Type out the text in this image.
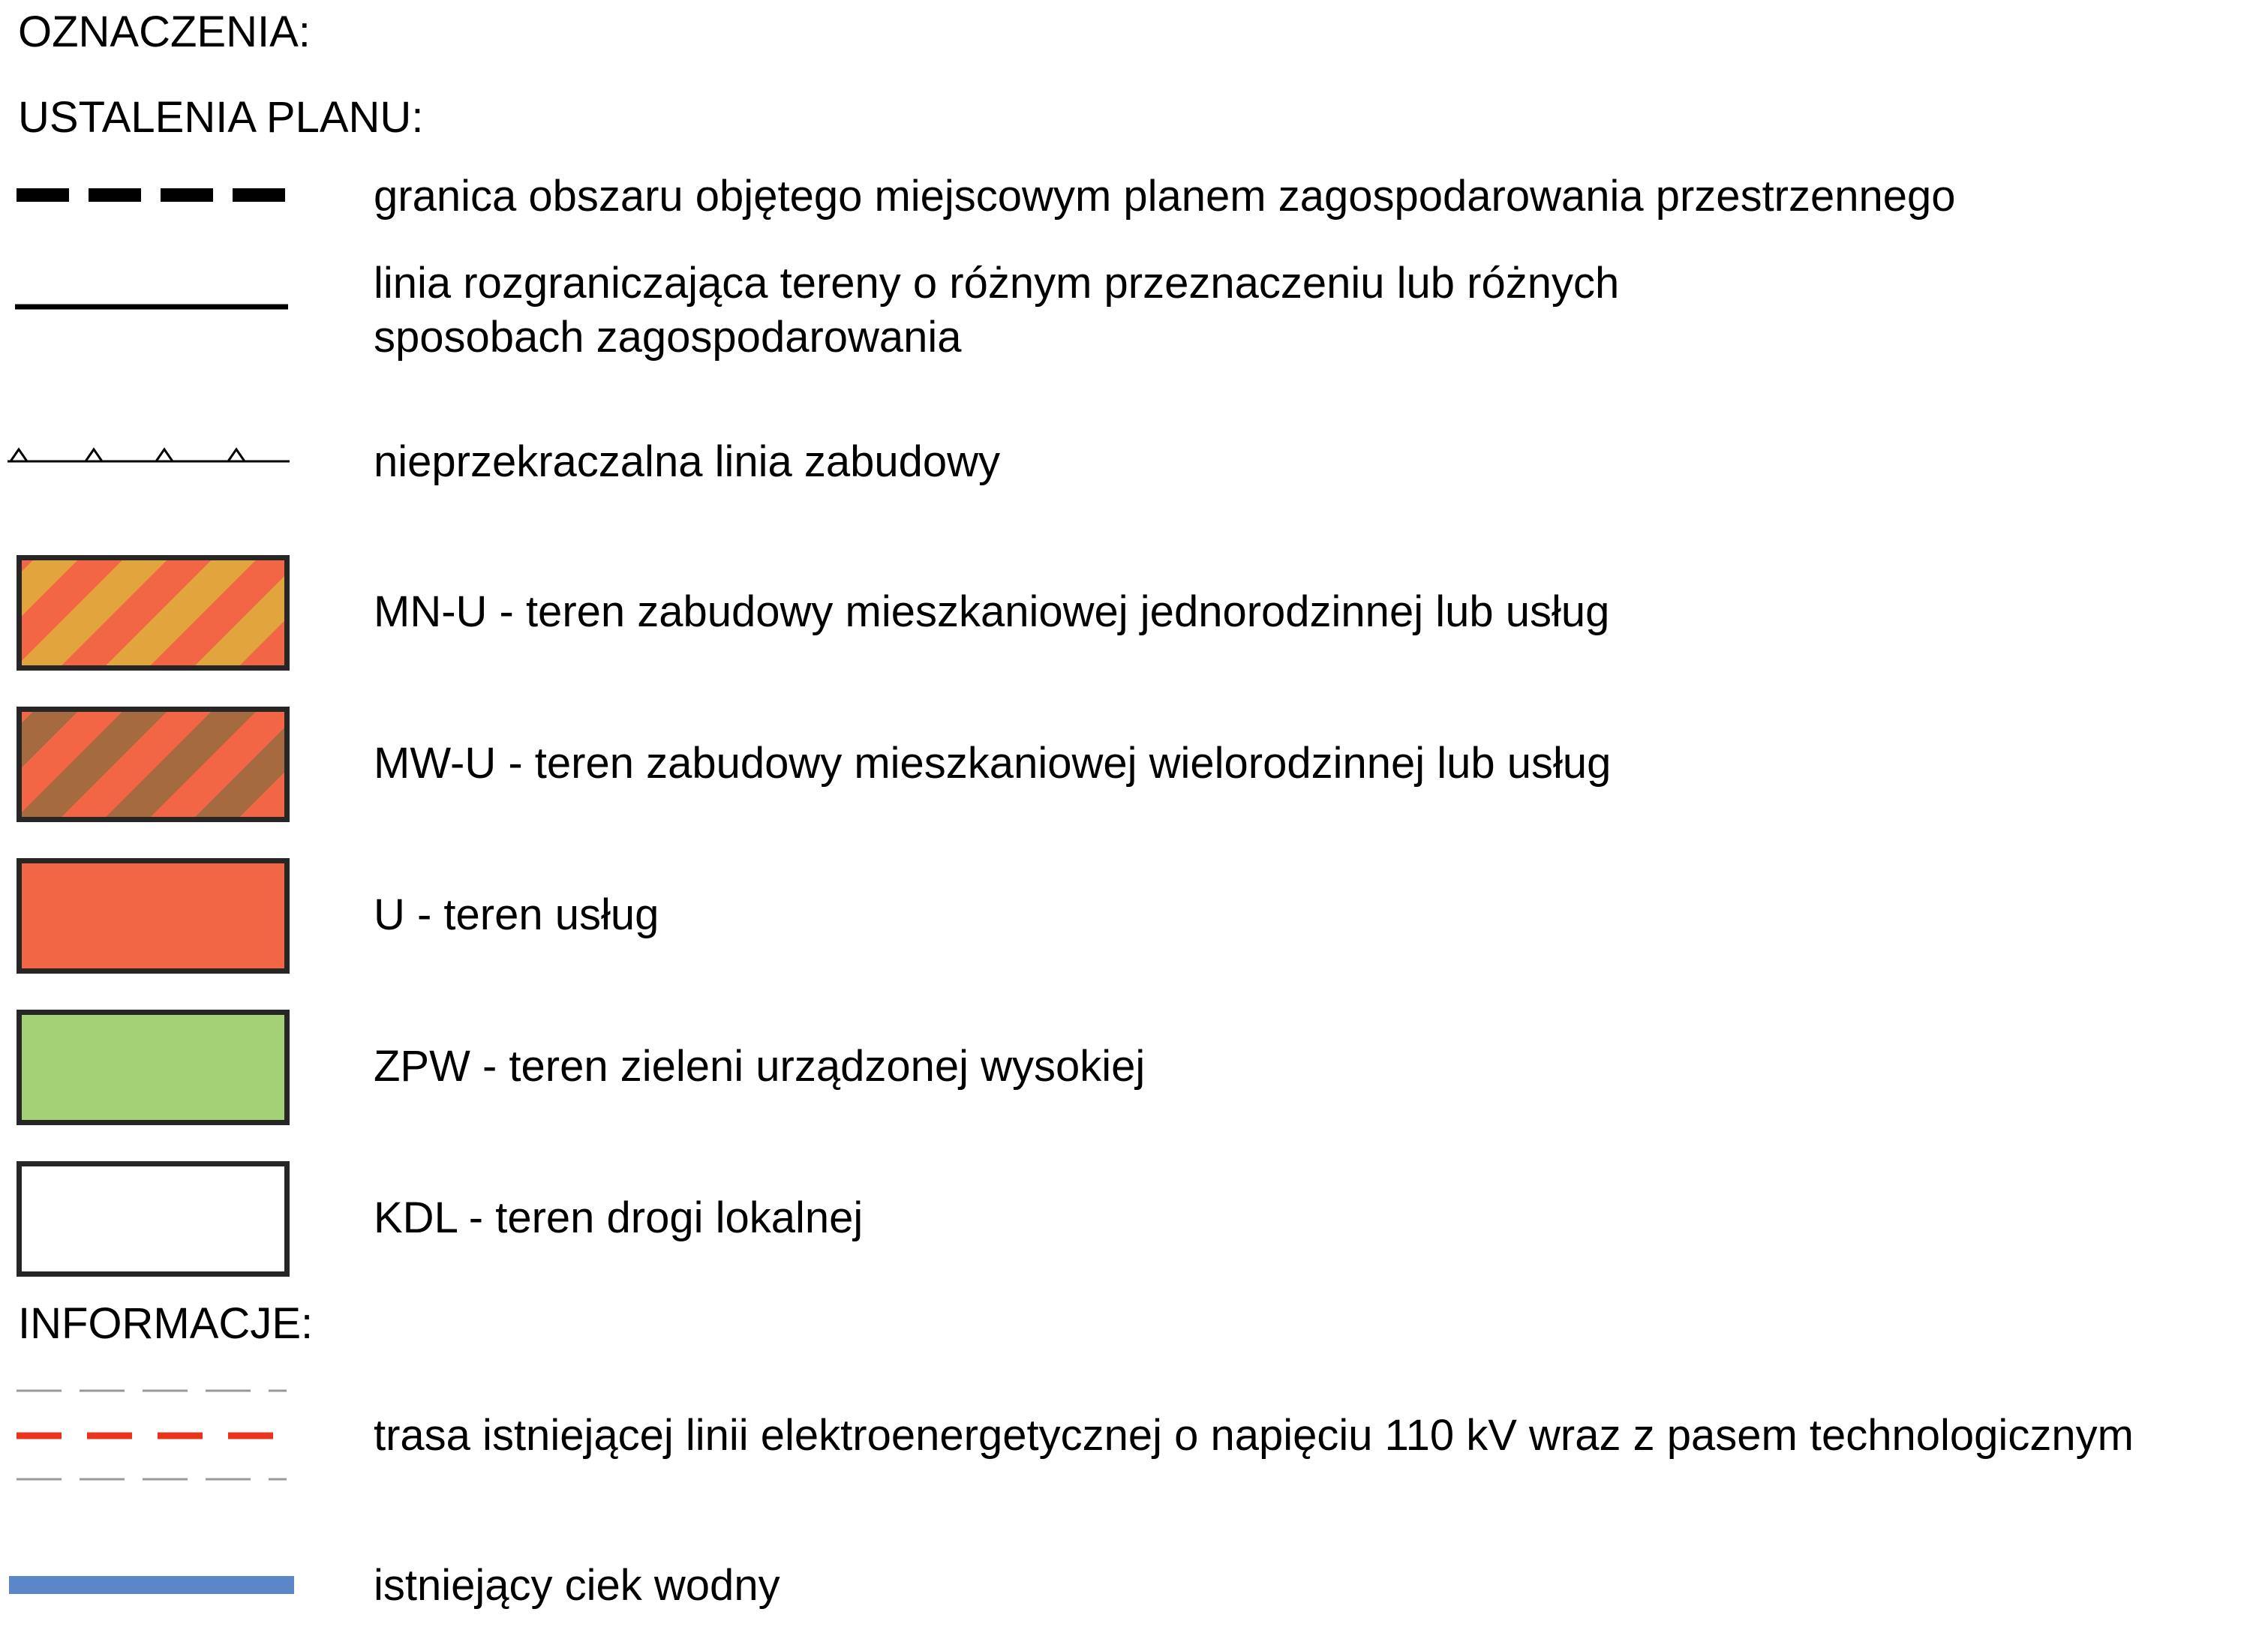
OZNACZENIA:
USTALENIA PLANU:
granica obszaru objętego miejscowym planem zagospodarowania przestrzennego
linia rozgraniczająca tereny o różnym przeznaczeniu lub różnych
sposobach zagospodarowania
nieprzekraczalna linia zabudowy
MN-U - teren zabudowy mieszkaniowej jednorodzinnej lub usług
MW-U - teren zabudowy mieszkaniowej wielorodzinnej lub usług
U - teren usług
ZPW - teren zieleni urządzonej wysokiej
KDL - teren drogi lokalnej
INFORMACJE:
trasa istniejącej linii elektroenergetycznej o napięciu 110 kV wraz z pasem technologicznym
istniejący ciek wodny
